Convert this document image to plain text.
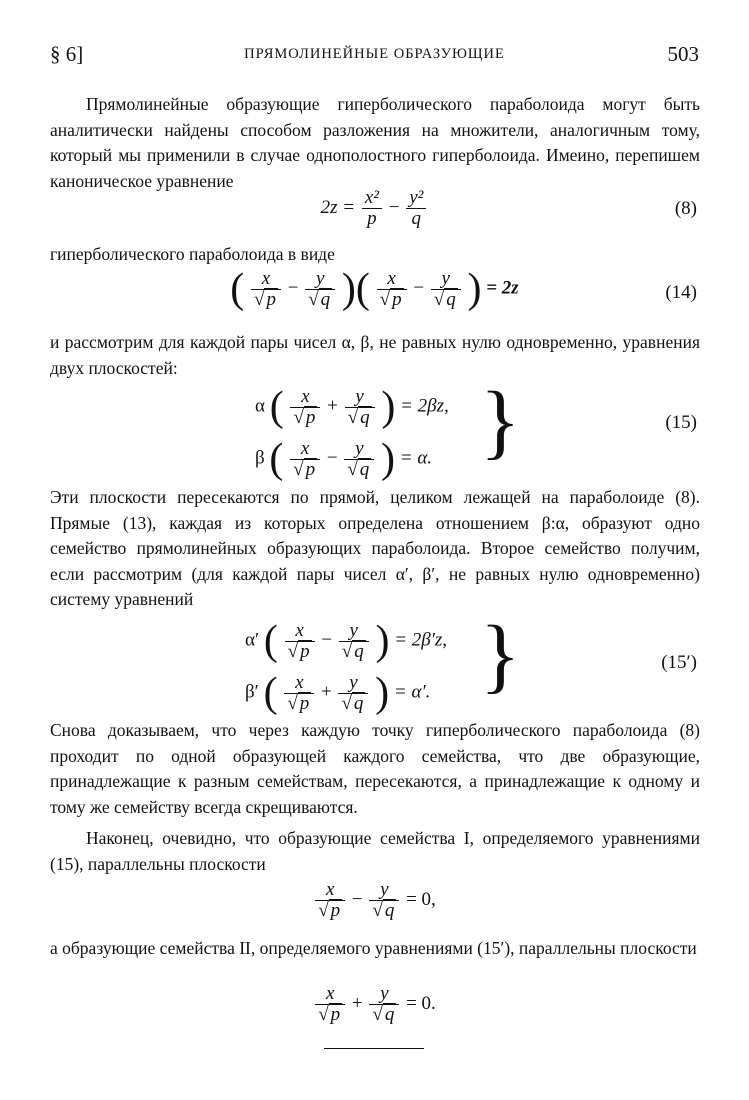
§ 6]	ПРЯМОЛИНЕЙНЫЕ ОБРАЗУЮЩИЕ	503
Прямолинейные образующие гиперболического параболоида могут быть аналитически найдены способом разложения на множители, аналогичным тому, который мы применили в случае однополостного гиперболоида. Имеино, перепишем каноническое уравнение
$2z = \frac{\text{x²}}{p} - \frac{\text{y²}}{q}$	(8)
гиперболического параболоида в виде
( $\frac{x}{√ p} - \frac{y}{√ q}$ )( $\frac{x}{√ p} - \frac{y}{√ q}$ ) = 2z	(14)
и рассмотрим для каждой пары чисел α, β, не равных нулю одновременно, уравнения двух плоскостей:
α ( $\frac{x}{√ p} + \frac{y}{√ q}$ ) = 2βz,
β ( $\frac{x}{√ p} - \frac{y}{√ q}$ ) = α. }	(15)
Эти плоскости пересекаются по прямой, целиком лежащей на параболоиде (8). Прямые (13), каждая из которых определена отношением β:α, образуют одно семейство прямолинейных образующих параболоида. Второе семейство получим, если рассмотрим (для каждой пары чисел α′, β′, не равных нулю одновременно) систему уравнений
α′ ( $\frac{x}{√ p} - \frac{y}{√ q}$ ) = 2β′z,
β′ ( $\frac{x}{√ p} + \frac{y}{√ q}$ ) = α′. }	(15′)
Снова доказываем, что через каждую точку гиперболического параболоида (8) проходит по одной образующей каждого семейства, что две образующие, принадлежащие к разным семействам, пересекаются, а принадлежащие к одному и тому же семейству всегда скрещиваются.
Наконец, очевидно, что образующие семейства I, определяемого уравнениями (15), параллельны плоскости
$\frac{x}{√ p} - \frac{y}{√ q} = 0$,
а образующие семейства II, определяемого уравнениями (15′), параллельны плоскости
$\frac{x}{√ p} + \frac{y}{√ q} = 0$.
